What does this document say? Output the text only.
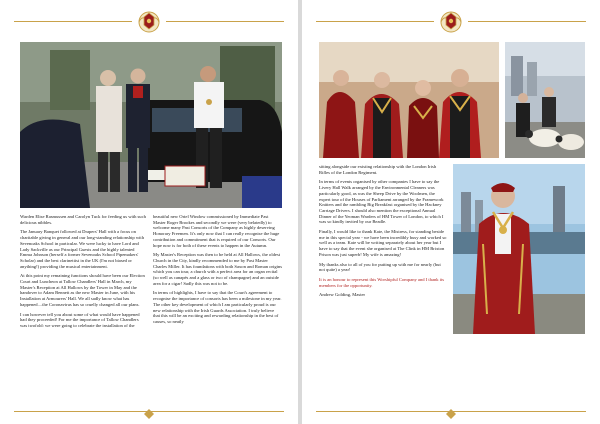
Warden Elise Rasmussen and Carolyn Tuck for feeding us with such delicious nibbles.

The January Banquet followed at Drapers' Hall with a focus on charitable giving in general and our long-standing relationship with Sevenoaks School in particular. We were lucky to have Lord and Lady Sackville as our Principal Guests and the highly talented Emma Johnson (herself a former Sevenoaks School Pipemakers' Scholar) and the best clarinettist in the UK (I'm not biased or anything!) providing the musical entertainment.

At this point my remaining functions should have been our Election Court and Luncheon at Tallow Chandlers' Hall in March, my Master's Reception at All Hallows by the Tower in May and the handover to Adam Bennett as the new Master in June, with his Installation at Armourers' Hall. We all sadly know what has happened....the Coronavirus has so cruelly changed all our plans.

I can however tell you about some of what would have happened had they proceeded! For me the importance of Tallow Chandlers was twofold: we were going to celebrate the installation of the

beautiful new Oriel Window commissioned by Immediate Past Master Roger Brookes and secondly we were (very belatedly) to welcome many Past Consorts of the Company as highly deserving Honorary Freemen. It's only now that I can really recognise the huge contribution and commitment that is required of our Consorts. Our hope now is for both of these events to happen in the Autumn.

My Master's Reception was then to be held at All Hallows, the oldest Church in the City, kindly recommended to me by Past Master Charles Miller. It has foundations with both Saxon and Roman origins which you can tour, a church with a perfect area for an organ recital (so well as canapés and a glass or two of champagne) and an outside area for a cigar! Sadly this was not to be.

In terms of highlights, I have to say that the Court's agreement to recognise the importance of consorts has been a milestone in my year. The other key development of which I am particularly proud is our new relationship with the Irish Guards Association. I truly believe that this will be an exciting and rewarding relationship in the best of causes, so neatly

sitting alongside our existing relationship with the London Irish Rifles of the London Regiment.

In terms of events organised by other companies I have to say the Livery Hall Walk arranged by the Environmental Cleaners was particularly good, as was the Sheep Drive by the Woolmen, the expert tour of the Houses of Parliament arranged by the Framework Knitters and the rambling Big Breakfast organised by the Hackney Carriage Drivers. I should also mention the exceptional Annual Dinner of the Yeoman Warders of HM Tower of London, to which I was so kindly invited by our Beadle.

Finally, I would like to thank Kate, the Mistress, for standing beside me in this special year - we have been incredibly busy and worked so well as a team. Kate will be writing separately about her year but I have to say that the event she organised at The Clink in HM Brixton Prison was just superb! My wife is amazing!

My thanks also to all of you for putting up with me for nearly (but not quite) a year!

It is an honour to represent this Worshipful Company and I thank its members for the opportunity.

Andrew Golding, Master
